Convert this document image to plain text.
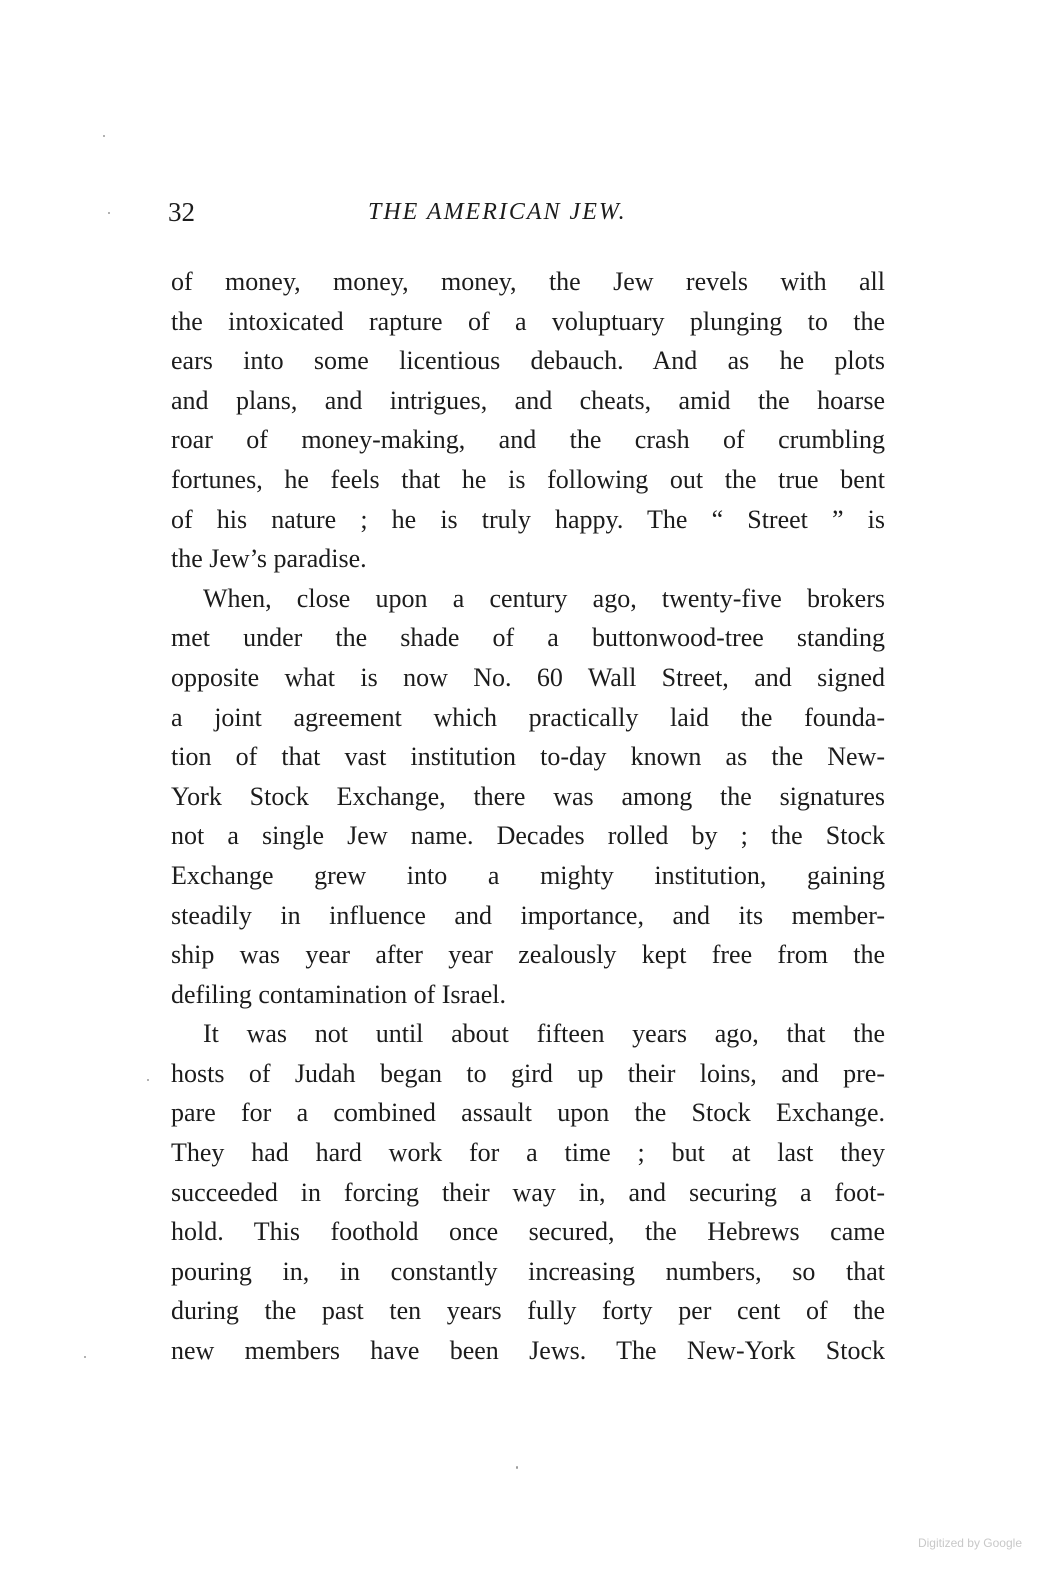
32	THE AMERICAN JEW.
of money, money, money, the Jew revels with all
the intoxicated rapture of a voluptuary plunging to the
ears into some licentious debauch. And as he plots
and plans, and intrigues, and cheats, amid the hoarse
roar of money-making, and the crash of crumbling
fortunes, he feels that he is following out the true bent
of his nature ; he is truly happy. The “ Street ” is
the Jew’s paradise.
When, close upon a century ago, twenty-five brokers
met under the shade of a buttonwood-tree standing
opposite what is now No. 60 Wall Street, and signed
a joint agreement which practically laid the founda-
tion of that vast institution to-day known as the New-
York Stock Exchange, there was among the signatures
not a single Jew name. Decades rolled by ; the Stock
Exchange grew into a mighty institution, gaining
steadily in influence and importance, and its member-
ship was year after year zealously kept free from the
defiling contamination of Israel.
It was not until about fifteen years ago, that the
hosts of Judah began to gird up their loins, and pre-
pare for a combined assault upon the Stock Exchange.
They had hard work for a time ; but at last they
succeeded in forcing their way in, and securing a foot-
hold. This foothold once secured, the Hebrews came
pouring in, in constantly increasing numbers, so that
during the past ten years fully forty per cent of the
new members have been Jews. The New-York Stock
Digitized by Google
